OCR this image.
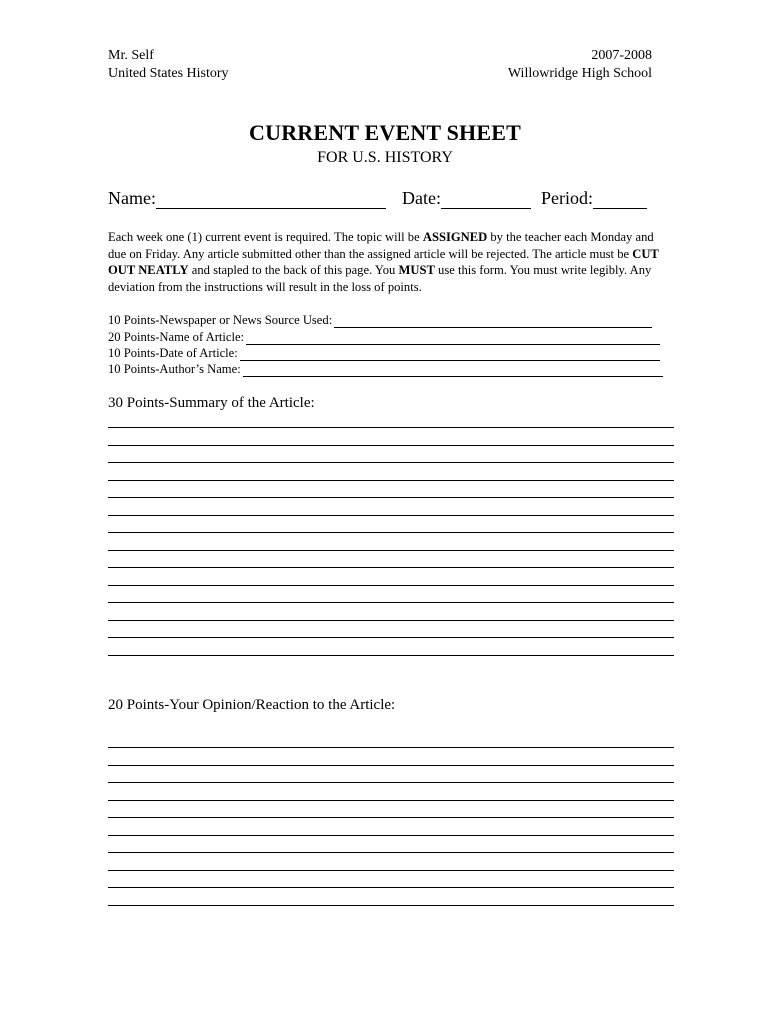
Mr. Self
United States History
2007-2008
Willowridge High School
CURRENT EVENT SHEET
FOR U.S. HISTORY
Name:	Date:	Period:
Each week one (1) current event is required. The topic will be ASSIGNED by the teacher each Monday and due on Friday. Any article submitted other than the assigned article will be rejected. The article must be CUT OUT NEATLY and stapled to the back of this page. You MUST use this form. You must write legibly. Any deviation from the instructions will result in the loss of points.
10 Points-Newspaper or News Source Used:
20 Points-Name of Article:
10 Points-Date of Article:
10 Points-Author’s Name:
30 Points-Summary of the Article:
20 Points-Your Opinion/Reaction to the Article:
